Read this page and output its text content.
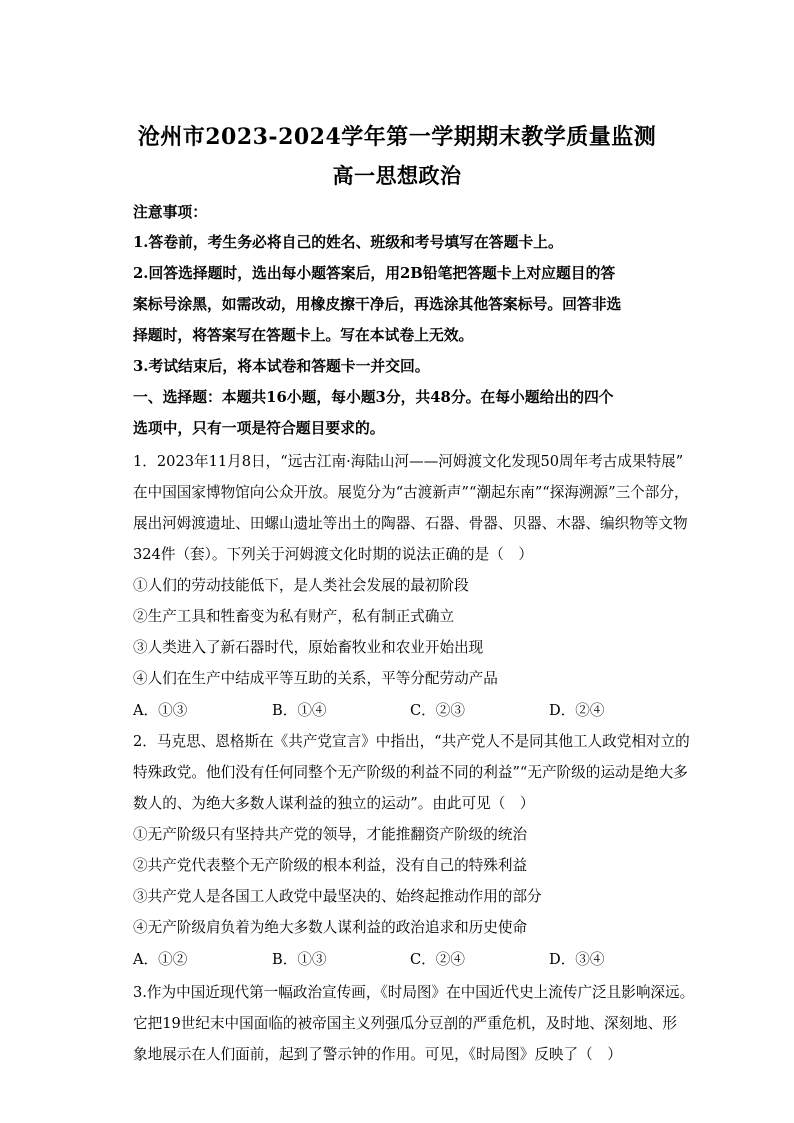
沧州市2023-2024学年第一学期期末教学质量监测
高一思想政治
注意事项：
1.答卷前，考生务必将自己的姓名、班级和考号填写在答题卡上。
2.回答选择题时，选出每小题答案后，用2B铅笔把答题卡上对应题目的答
案标号涂黑，如需改动，用橡皮擦干净后，再选涂其他答案标号。回答非选
择题时，将答案写在答题卡上。写在本试卷上无效。
3.考试结束后，将本试卷和答题卡一并交回。
一、选择题：本题共16小题，每小题3分，共48分。在每小题给出的四个
选项中，只有一项是符合题目要求的。
1．2023年11月8日，“远古江南·海陆山河——河姆渡文化发现50周年考古成果特展”
在中国国家博物馆向公众开放。展览分为“古渡新声”“潮起东南”“探海溯源”三个部分，
展出河姆渡遗址、田螺山遗址等出土的陶器、石器、骨器、贝器、木器、编织物等文物
324件（套）。下列关于河姆渡文化时期的说法正确的是（　）
①人们的劳动技能低下，是人类社会发展的最初阶段
②生产工具和牲畜变为私有财产，私有制正式确立
③人类进入了新石器时代，原始畜牧业和农业开始出现
④人们在生产中结成平等互助的关系，平等分配劳动产品
A．①③	B．①④	C．②③	D．②④
2．马克思、恩格斯在《共产党宣言》中指出，“共产党人不是同其他工人政党相对立的
特殊政党。他们没有任何同整个无产阶级的利益不同的利益”“无产阶级的运动是绝大多
数人的、为绝大多数人谋利益的独立的运动”。由此可见（　）
①无产阶级只有坚持共产党的领导，才能推翻资产阶级的统治
②共产党代表整个无产阶级的根本利益，没有自己的特殊利益
③共产党人是各国工人政党中最坚决的、始终起推动作用的部分
④无产阶级肩负着为绝大多数人谋利益的政治追求和历史使命
A．①②	B．①③	C．②④	D．③④
3.作为中国近现代第一幅政治宣传画，《时局图》在中国近代史上流传广泛且影响深远。
它把19世纪末中国面临的被帝国主义列强瓜分豆剖的严重危机，及时地、深刻地、形
象地展示在人们面前，起到了警示钟的作用。可见，《时局图》反映了（　）
